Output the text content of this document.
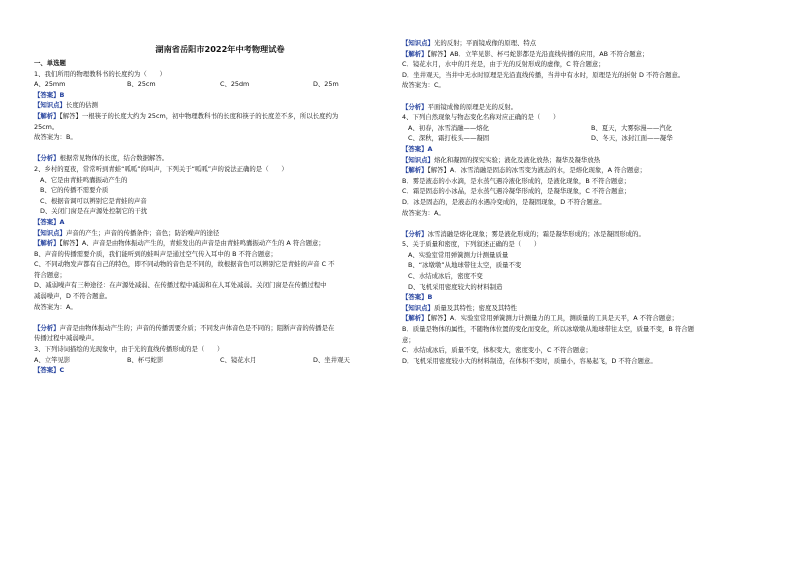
湖南省岳阳市2022年中考物理试卷
一、单选题
1、我们所用的物理教科书的长度约为（　　）
A、25mm	B、25cm	C、25dm	D、25m
【答案】B
【知识点】长度的估测
【解析】【解答】一根筷子的长度大约为 25cm，初中物理教科书的长度和筷子的长度差不多，所以长度约为
25cm。
故答案为：B。
【分析】根据常见物体的长度，结合数据解答。
2、乡村的夏夜，常常听到青蛙“呱呱”的叫声，下列关于“呱呱”声的说法正确的是（　　）
A、它是由青蛙鸣囊振动产生的
B、它的传播不需要介质
C、根据音调可以辨别它是青蛙的声音
D、关闭门窗是在声源处控制它的干扰
【答案】A
【知识点】声音的产生；声音的传播条件；音色；防治噪声的途径
【解析】【解答】A、声音是由物体振动产生的，青蛙发出的声音是由青蛙鸣囊振动产生的 A 符合题意；
B、声音的传播需要介质，我们能听到的蛙叫声是通过空气传入耳中的 B 不符合题意；
C、不同动物发声都有自己的特色，即不同动物的音色是不同的，故根据音色可以辨别它是青蛙的声音 C 不
符合题意；
D、减弱噪声有三种途径：在声源处减弱、在传播过程中减弱和在人耳处减弱。关闭门窗是在传播过程中
减弱噪声，D 不符合题意。
故答案为：A。
【分析】声音是由物体振动产生的；声音的传播需要介质；不同发声体音色是不同的；阻断声音的传播是在
传播过程中减弱噪声。
3、下列诗词描绘的光现象中，由于光的直线传播形成的是（　　）
A、立竿见影	B、杯弓蛇影	C、镜花水月	D、坐井观天
【答案】C
【知识点】光的反射；平面镜成像的原理、特点
【解析】【解答】AB．立竿见影、杯弓蛇影都是光沿直线传播的应用，AB 不符合题意；
C．镜花水月，水中的月亮是，由于光的反射形成的虚像，C 符合题意；
D．坐井观天，当井中无水时原理是光沿直线传播，当井中有水时，原理是光的折射 D 不符合题意。
故答案为：C。
【分析】平面镜成像的原理是光的反射。
4、下列自然现象与物态变化名称对应正确的是（　　）
A、初春，冰雪消融——熔化	B、夏天，大雾弥漫——汽化
C、深秋，霜打枝头——凝固	D、冬天，冰封江面——凝华
【答案】A
【知识点】熔化和凝固的探究实验；液化及液化放热；凝华及凝华放热
【解析】【解答】A．冰雪消融是固态的冰雪变为液态的水，是熔化现象，A 符合题意；
B．雾是液态的小水滴，是水蒸气遇冷液化形成的，是液化现象，B 不符合题意；
C．霜是固态的小冰晶，是水蒸气遇冷凝华形成的，是凝华现象，C 不符合题意；
D．冰是固态的，是液态的水遇冷变成的，是凝固现象，D 不符合题意。
故答案为：A。
【分析】冰雪消融是熔化现象；雾是液化形成的；霜是凝华形成的；冰是凝固形成的。
5、关于质量和密度，下列叙述正确的是（　　）
A、实验室常用弹簧测力计测量质量
B、“冰墩墩”从地球带往太空，质量不变
C、水结成冰后，密度不变
D、飞机采用密度较大的材料制造
【答案】B
【知识点】质量及其特性；密度及其特性
【解析】【解答】A．实验室常用弹簧测力计测量力的工具，测质量的工具是天平，A 不符合题意；
B．质量是物体的属性，不随物体位置的变化而变化，所以冰墩墩从地球带往太空，质量不变，B 符合题
意；
C．水结成冰后，质量不变，体积变大，密度变小，C 不符合题意；
D．飞机采用密度较小大的材料制造，在体积不变时，质量小，容易起飞，D 不符合题意。
